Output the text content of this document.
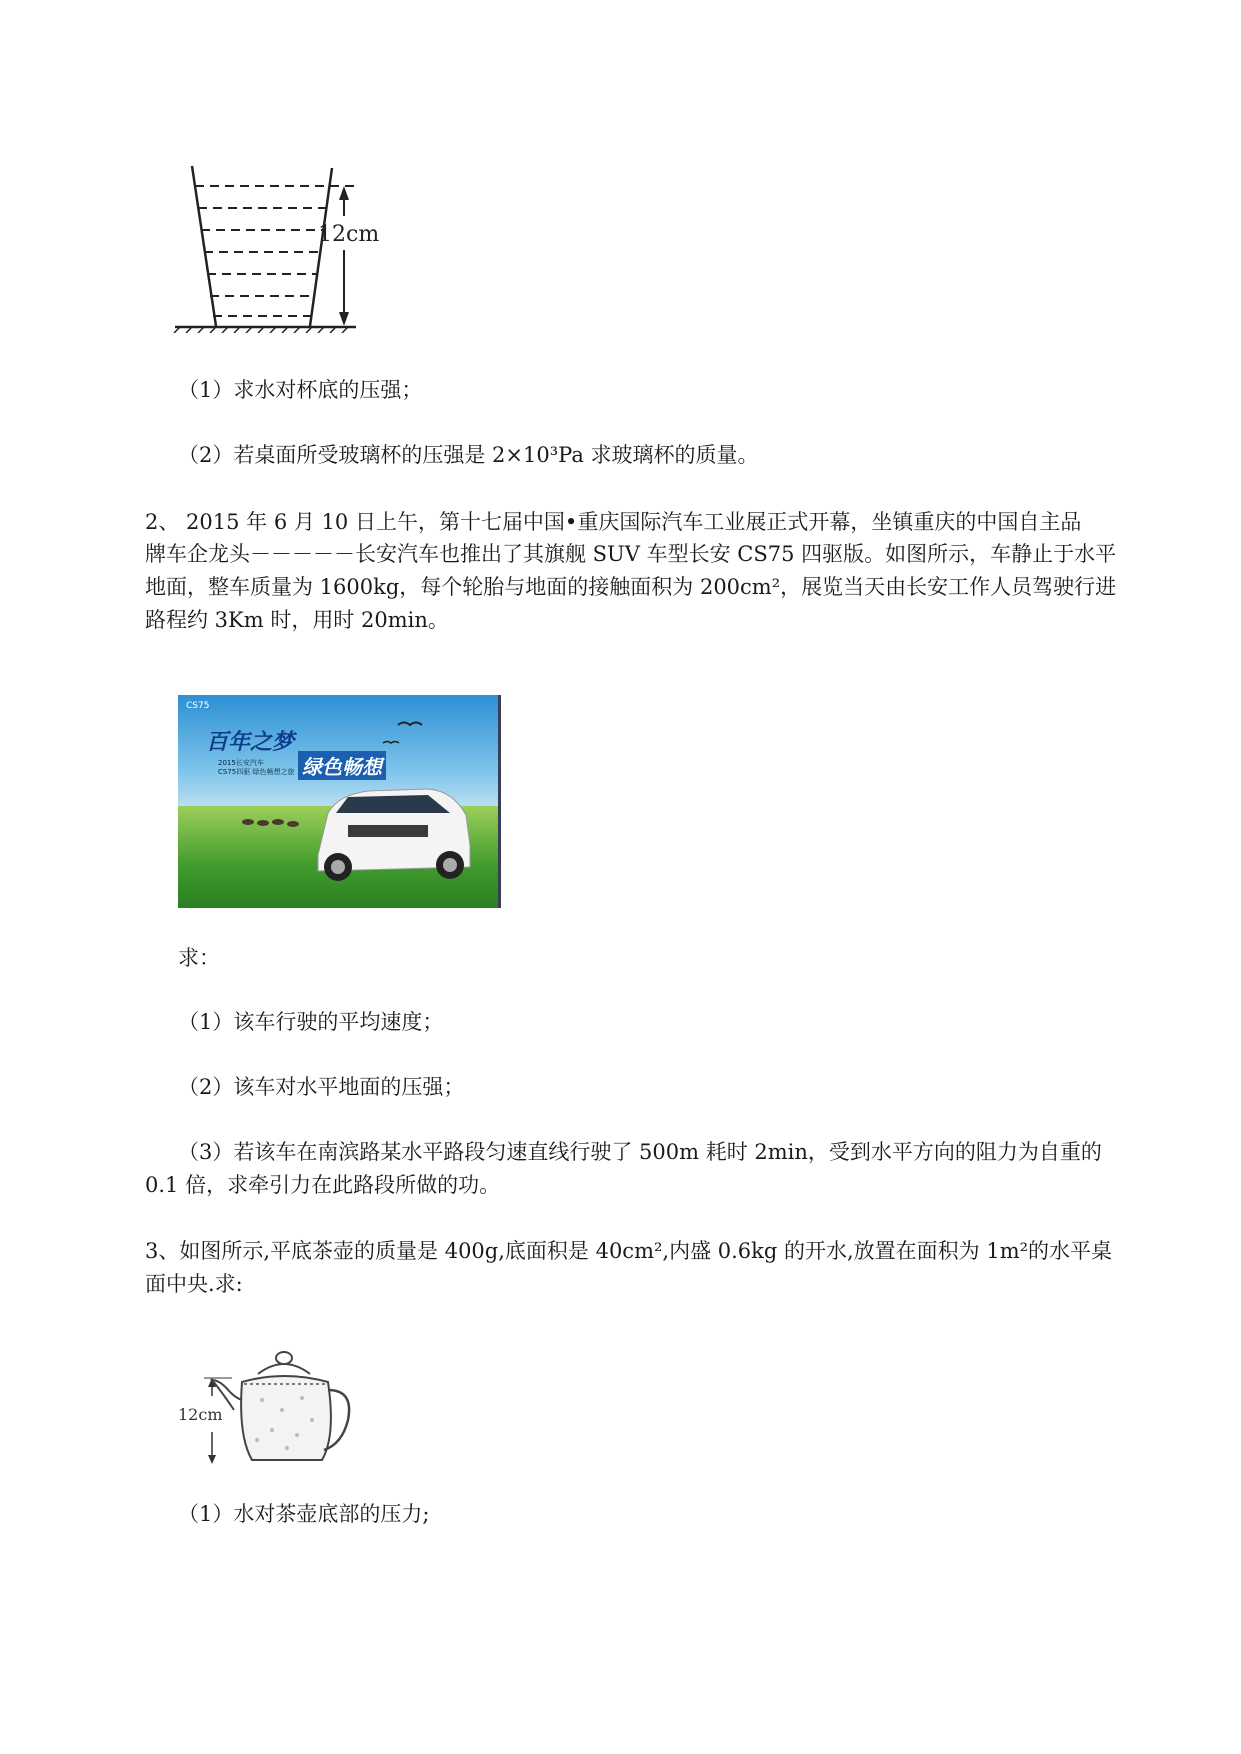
12cm
（1）求水对杯底的压强；
（2）若桌面所受玻璃杯的压强是 2×10³Pa 求玻璃杯的质量。
2、 2015 年 6 月 10 日上午，第十七届中国•重庆国际汽车工业展正式开幕，坐镇重庆的中国自主品
牌车企龙头－－－－－长安汽车也推出了其旗舰 SUV 车型长安 CS75 四驱版。如图所示，车静止于水平
地面，整车质量为 1600kg，每个轮胎与地面的接触面积为 200cm²，展览当天由长安工作人员驾驶行进
路程约 3Km 时，用时 20min。
CS75
百年之梦
绿色畅想
2015长安汽车
CS75四驱 绿色畅想之旅
求：
（1）该车行驶的平均速度；
（2）该车对水平地面的压强；
（3）若该车在南滨路某水平路段匀速直线行驶了 500m 耗时 2min，受到水平方向的阻力为自重的
0.1 倍，求牵引力在此路段所做的功。
3、如图所示,平底茶壶的质量是 400g,底面积是 40cm²,内盛 0.6kg 的开水,放置在面积为 1m²的水平桌
面中央.求:
12cm
（1）水对茶壶底部的压力;
